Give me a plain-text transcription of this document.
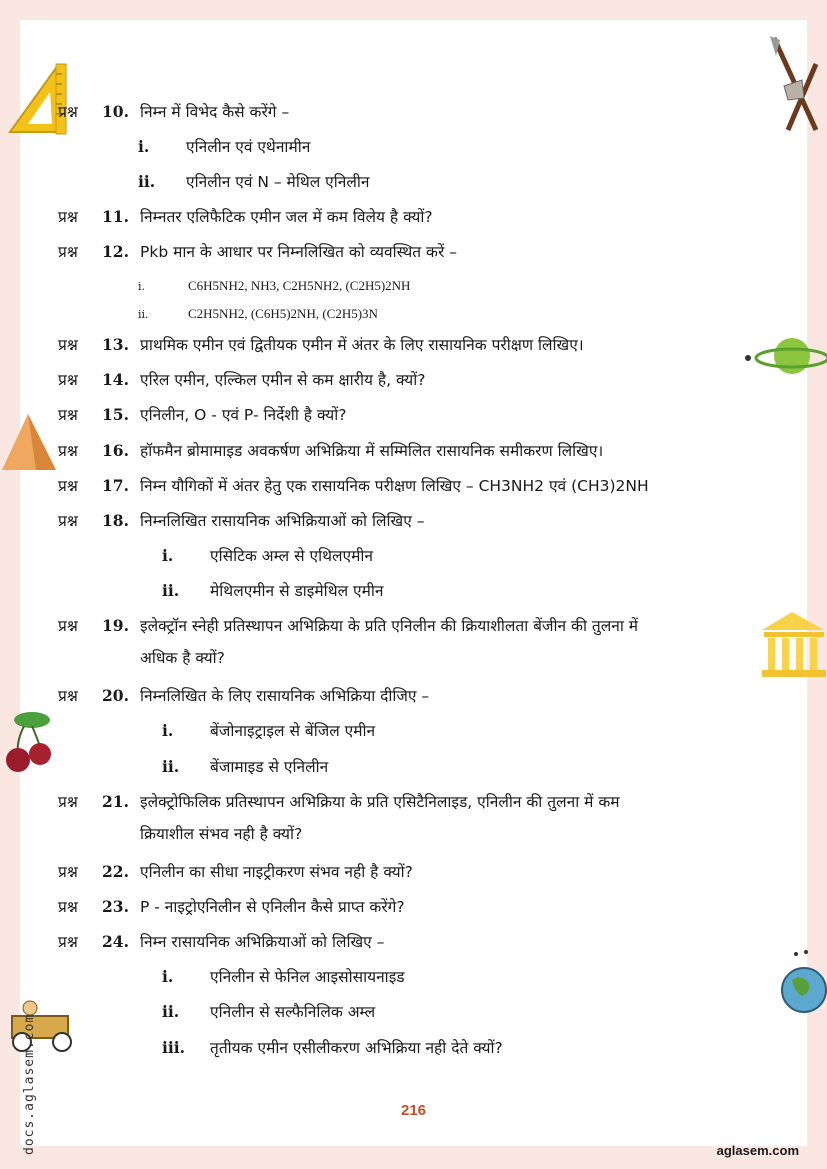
प्रश्न 10. निम्न में विभेद कैसे करेंगे –
i. एनिलीन एवं एथेनामीन
ii. एनिलीन एवं N – मेथिल एनिलीन
प्रश्न 11. निम्नतर एलिफैटिक एमीन जल में कम विलेय है क्यों?
प्रश्न 12. Pkb मान के आधार पर निम्नलिखित को व्यवस्थित करें –
i.	C6H5NH2, NH3, C2H5NH2, (C2H5)2NH
ii.	C2H5NH2, (C6H5)2NH, (C2H5)3N
प्रश्न 13. प्राथमिक एमीन एवं द्वितीयक एमीन में अंतर के लिए रासायनिक परीक्षण लिखिए।
प्रश्न 14. एरिल एमीन, एल्किल एमीन से कम क्षारीय है, क्यों?
प्रश्न 15. एनिलीन, O - एवं P- निर्देशी है क्यों?
प्रश्न 16. हॉफमैन ब्रोमामाइड अवकर्षण अभिक्रिया में सम्मिलित रासायनिक समीकरण लिखिए।
प्रश्न 17. निम्न यौगिकों में अंतर हेतु एक रासायनिक परीक्षण लिखिए – CH3NH2 एवं (CH3)2NH
प्रश्न 18. निम्नलिखित रासायनिक अभिक्रियाओं को लिखिए –
i. एसिटिक अम्ल से एथिलएमीन
ii. मेथिलएमीन से डाइमेथिल एमीन
प्रश्न 19. इलेक्ट्रॉन स्नेही प्रतिस्थापन अभिक्रिया के प्रति एनिलीन की क्रियाशीलता बेंजीन की तुलना में
अधिक है क्यों?
प्रश्न 20. निम्नलिखित के लिए रासायनिक अभिक्रिया दीजिए –
i. बेंजोनाइट्राइल से बेंजिल एमीन
ii. बेंजामाइड से एनिलीन
प्रश्न 21. इलेक्ट्रोफिलिक प्रतिस्थापन अभिक्रिया के प्रति एसिटैनिलाइड, एनिलीन की तुलना में कम
क्रियाशील संभव नही है क्यों?
प्रश्न 22. एनिलीन का सीधा नाइट्रीकरण संभव नही है क्यों?
प्रश्न 23. P - नाइट्रोएनिलीन से एनिलीन कैसे प्राप्त करेंगे?
प्रश्न 24. निम्न रासायनिक अभिक्रियाओं को लिखिए –
i. एनिलीन से फेनिल आइसोसायनाइड
ii. एनिलीन से सल्फैनिलिक अम्ल
iii. तृतीयक एमीन एसीलीकरण अभिक्रिया नही देते क्यों?
216
aglasem.com
docs.aglasem.com
